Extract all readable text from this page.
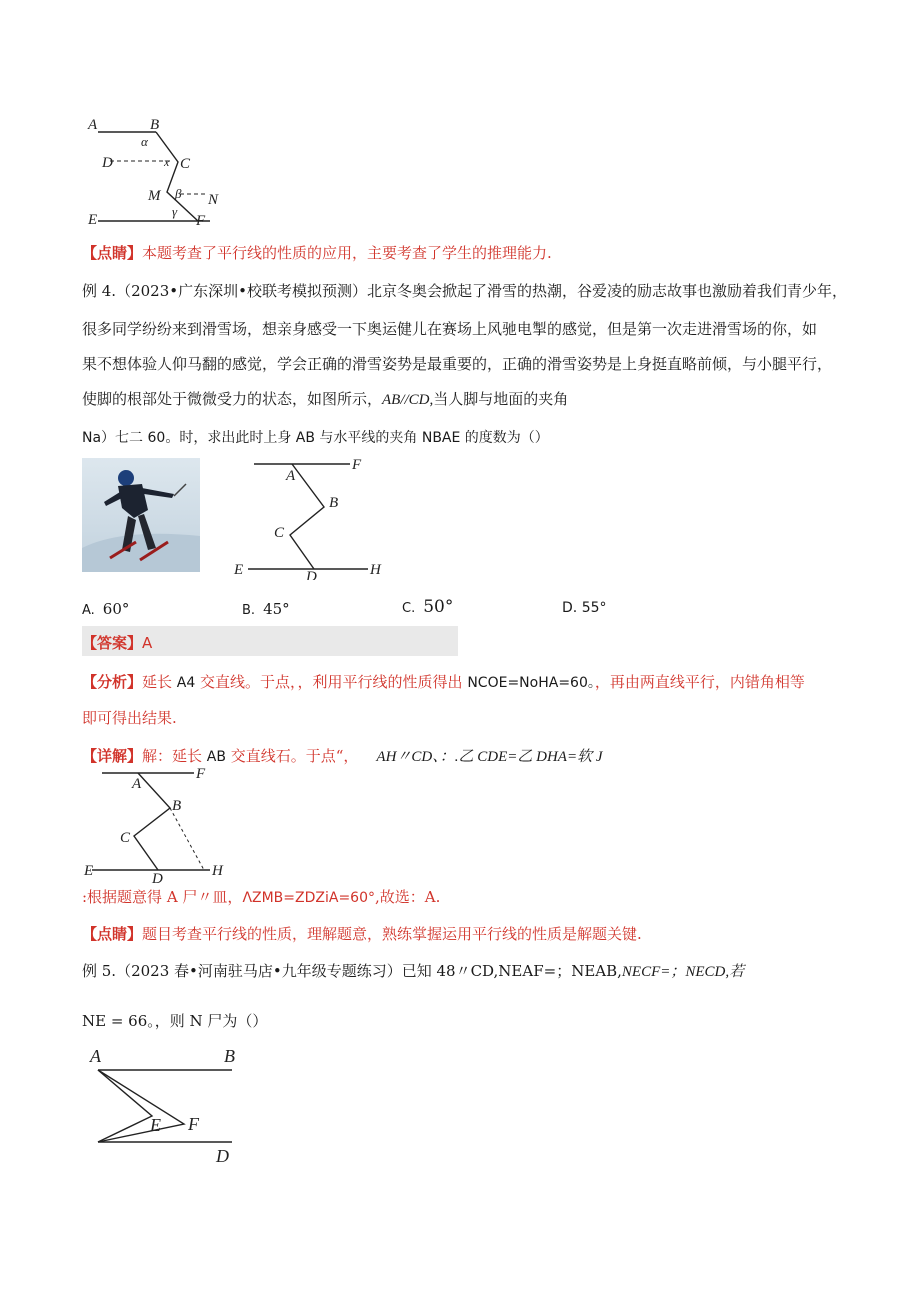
A	B
α
D	x C
M β N
E
γ
F
【点睛】本题考查了平行线的性质的应用，主要考查了学生的推理能力.
例 4.（2023•广东深圳•校联考模拟预测）北京冬奥会掀起了滑雪的热潮，谷爱凌的励志故事也激励着我们青少年，
很多同学纷纷来到滑雪场，想亲身感受一下奥运健儿在赛场上风驰电掣的感觉，但是第一次走进滑雪场的你，如
果不想体验人仰马翻的感觉，学会正确的滑雪姿势是最重要的，正确的滑雪姿势是上身挺直略前倾，与小腿平行，
使脚的根部处于微微受力的状态，如图所示，AB//CD,当人脚与地面的夹角
Na）七二 60。时，求出此时上身 AB 与水平线的夹角 NBAE 的度数为（）
A
F
B
C
E	D	H
A. 60°	B. 45°	C. 50°	D. 55°
【答案】A
【分析】延长 A4 交直线。于点，，利用平行线的性质得出 NCOE=NoHA=60。，再由两直线平行，内错角相等
即可得出结果.
【详解】解：延长 AB 交直线石。于点“， AH〃CD、：.乙 CDE=乙 DHA=软 J
A
F
B
C
E	D	H
:根据题意得 A 尸〃皿，ΛZMB=ZDZiA=60°,故选：A.
【点睛】题目考查平行线的性质，理解题意，熟练掌握运用平行线的性质是解题关键.
例 5.（2023 春•河南驻马店•九年级专题练习）已知 48〃CD,NEAF=；NEAB,NECF=；NECD,若
NE = 66。，则 N 尸为（）
A	B
E F
D
